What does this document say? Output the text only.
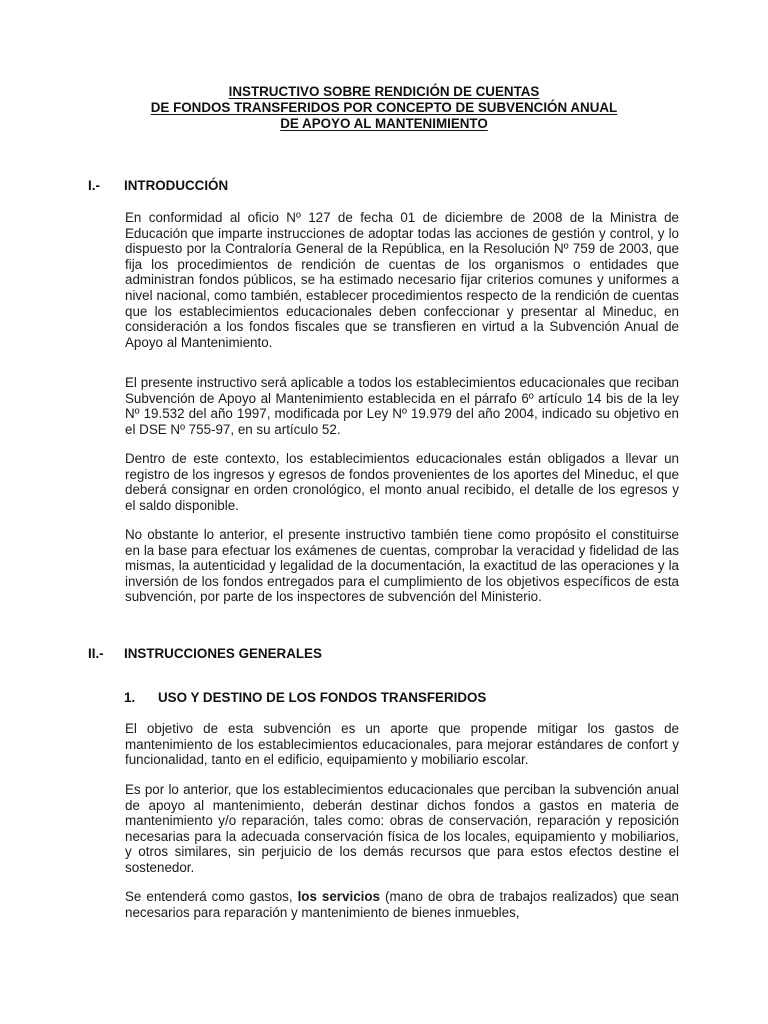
INSTRUCTIVO SOBRE RENDICIÓN DE CUENTAS
DE FONDOS TRANSFERIDOS POR CONCEPTO DE SUBVENCIÓN ANUAL
DE APOYO AL MANTENIMIENTO
I.- INTRODUCCIÓN

En conformidad al oficio Nº 127 de fecha 01 de diciembre de 2008 de la Ministra de Educación que imparte instrucciones de adoptar todas las acciones de gestión y control, y lo dispuesto por la Contraloría General de la República, en la Resolución Nº 759 de 2003, que fija los procedimientos de rendición de cuentas de los organismos o entidades que administran fondos públicos, se ha estimado necesario fijar criterios comunes y uniformes a nivel nacional, como también, establecer procedimientos respecto de la rendición de cuentas que los establecimientos educacionales deben confeccionar y presentar al Mineduc, en consideración a los fondos fiscales que se transfieren en virtud a la Subvención Anual de Apoyo al Mantenimiento.

El presente instructivo será aplicable a todos los establecimientos educacionales que reciban Subvención de Apoyo al Mantenimiento establecida en el párrafo 6º artículo 14 bis de la ley Nº 19.532 del año 1997, modificada por Ley Nº 19.979 del año 2004, indicado su objetivo en el DSE Nº 755-97, en su artículo 52.

Dentro de este contexto, los establecimientos educacionales están obligados a llevar un registro de los ingresos y egresos de fondos provenientes de los aportes del Mineduc, el que deberá consignar en orden cronológico, el monto anual recibido, el detalle de los egresos y el saldo disponible.

No obstante lo anterior, el presente instructivo también tiene como propósito el constituirse en la base para efectuar los exámenes de cuentas, comprobar la veracidad y fidelidad de las mismas, la autenticidad y legalidad de la documentación, la exactitud de las operaciones y la inversión de los fondos entregados para el cumplimiento de los objetivos específicos de esta subvención, por parte de los inspectores de subvención del Ministerio.

II.- INSTRUCCIONES GENERALES
1. USO Y DESTINO DE LOS FONDOS TRANSFERIDOS

El objetivo de esta subvención es un aporte que propende mitigar los gastos de mantenimiento de los establecimientos educacionales, para mejorar estándares de confort y funcionalidad, tanto en el edificio, equipamiento y mobiliario escolar.

Es por lo anterior, que los establecimientos educacionales que perciban la subvención anual de apoyo al mantenimiento, deberán destinar dichos fondos a gastos en materia de mantenimiento y/o reparación, tales como: obras de conservación, reparación y reposición necesarias para la adecuada conservación física de los locales, equipamiento y mobiliarios, y otros similares, sin perjuicio de los demás recursos que para estos efectos destine el sostenedor.

Se entenderá como gastos, los servicios (mano de obra de trabajos realizados) que sean necesarios para reparación y mantenimiento de bienes inmuebles,
